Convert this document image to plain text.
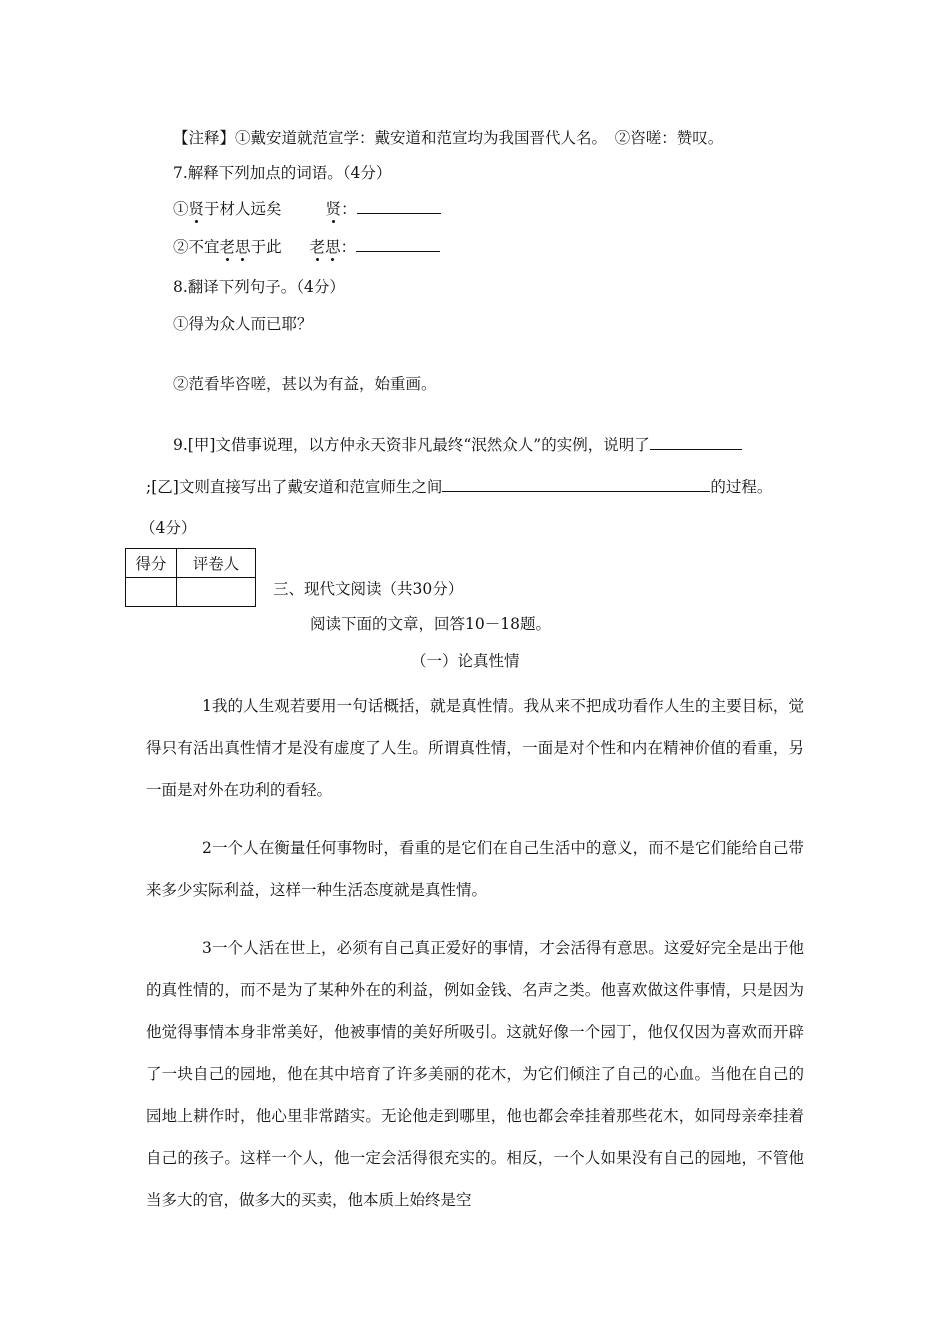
【注释】①戴安道就范宣学：戴安道和范宣均为我国晋代人名。　②咨嗟：赞叹。
7.解释下列加点的词语。（4分）
①贤于材人远矣	贤：
②不宜老思于此 老思：
8.翻译下列句子。（4分）
①得为众人而已耶？
②范看毕咨嗟，甚以为有益，始重画。
9.[甲]文借事说理，以方仲永天资非凡最终“泯然众人”的实例，说明了
;[乙]文则直接写出了戴安道和范宣师生之间	的过程。
（4分）
得分	评卷人

三、现代文阅读（共30分）
阅读下面的文章，回答10－18题。
（一）论真性情
1我的人生观若要用一句话概括，就是真性情。我从来不把成功看作人生的主要目标，觉得只有活出真性情才是没有虚度了人生。所谓真性情，一面是对个性和内在精神价值的看重，另一面是对外在功利的看轻。
2一个人在衡量任何事物时，看重的是它们在自己生活中的意义，而不是它们能给自己带来多少实际利益，这样一种生活态度就是真性情。
3一个人活在世上，必须有自己真正爱好的事情，才会活得有意思。这爱好完全是出于他的真性情的，而不是为了某种外在的利益，例如金钱、名声之类。他喜欢做这件事情，只是因为他觉得事情本身非常美好，他被事情的美好所吸引。这就好像一个园丁，他仅仅因为喜欢而开辟了一块自己的园地，他在其中培育了许多美丽的花木，为它们倾注了自己的心血。当他在自己的园地上耕作时，他心里非常踏实。无论他走到哪里，他也都会牵挂着那些花木，如同母亲牵挂着自己的孩子。这样一个人，他一定会活得很充实的。相反，一个人如果没有自己的园地，不管他当多大的官，做多大的买卖，他本质上始终是空
